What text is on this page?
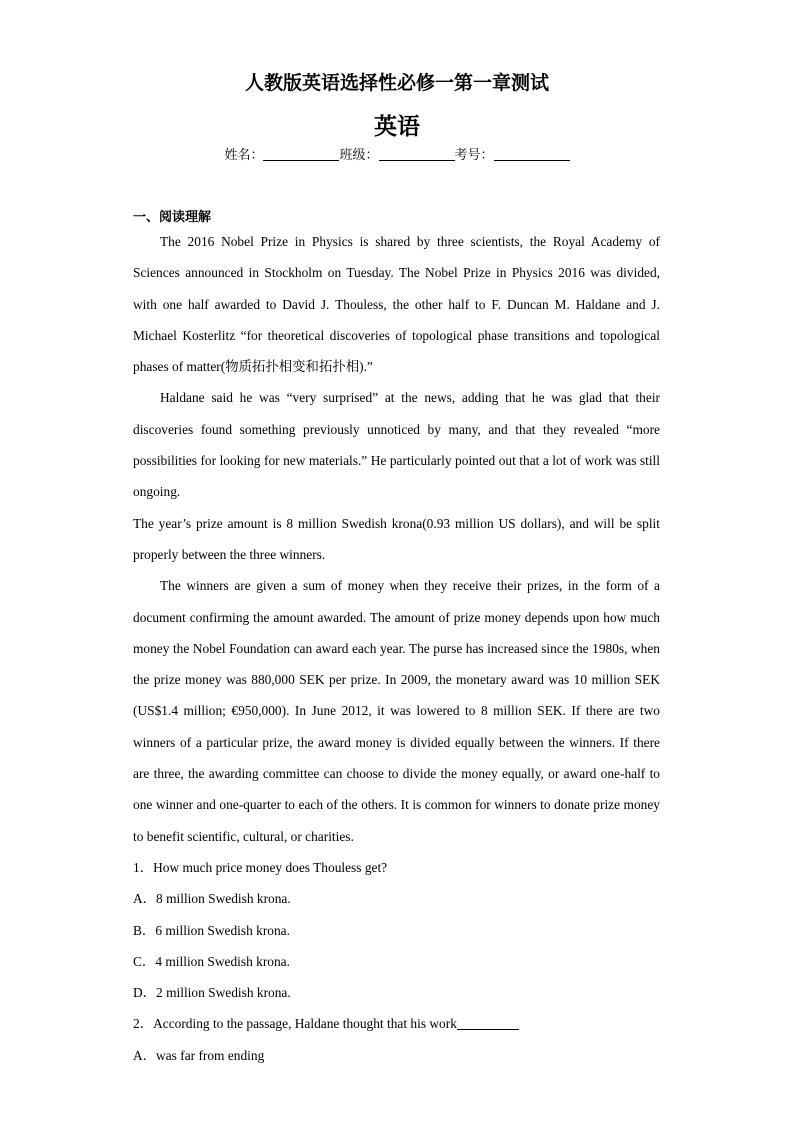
人教版英语选择性必修一第一章测试
英语
姓名：	班级：	考号：
一、阅读理解

The 2016 Nobel Prize in Physics is shared by three scientists, the Royal Academy of Sciences announced in Stockholm on Tuesday. The Nobel Prize in Physics 2016 was divided, with one half awarded to David J. Thouless, the other half to F. Duncan M. Haldane and J. Michael Kosterlitz “for theoretical discoveries of topological phase transitions and topological phases of matter(物质拓扑相变和拓扑相).”

Haldane said he was “very surprised” at the news, adding that he was glad that their discoveries found something previously unnoticed by many, and that they revealed “more possibilities for looking for new materials.” He particularly pointed out that a lot of work was still ongoing.

The year’s prize amount is 8 million Swedish krona(0.93 million US dollars), and will be split properly between the three winners.

The winners are given a sum of money when they receive their prizes, in the form of a document confirming the amount awarded. The amount of prize money depends upon how much money the Nobel Foundation can award each year. The purse has increased since the 1980s, when the prize money was 880,000 SEK per prize. In 2009, the monetary award was 10 million SEK (US$1.4 million; €950,000). In June 2012, it was lowered to 8 million SEK. If there are two winners of a particular prize, the award money is divided equally between the winners. If there are three, the awarding committee can choose to divide the money equally, or award one-half to one winner and one-quarter to each of the others. It is common for winners to donate prize money to benefit scientific, cultural, or charities.

1．How much price money does Thouless get?

A．8 million Swedish krona.

B．6 million Swedish krona.

C．4 million Swedish krona.

D．2 million Swedish krona.

2．According to the passage, Haldane thought that his work

A．was far from ending
